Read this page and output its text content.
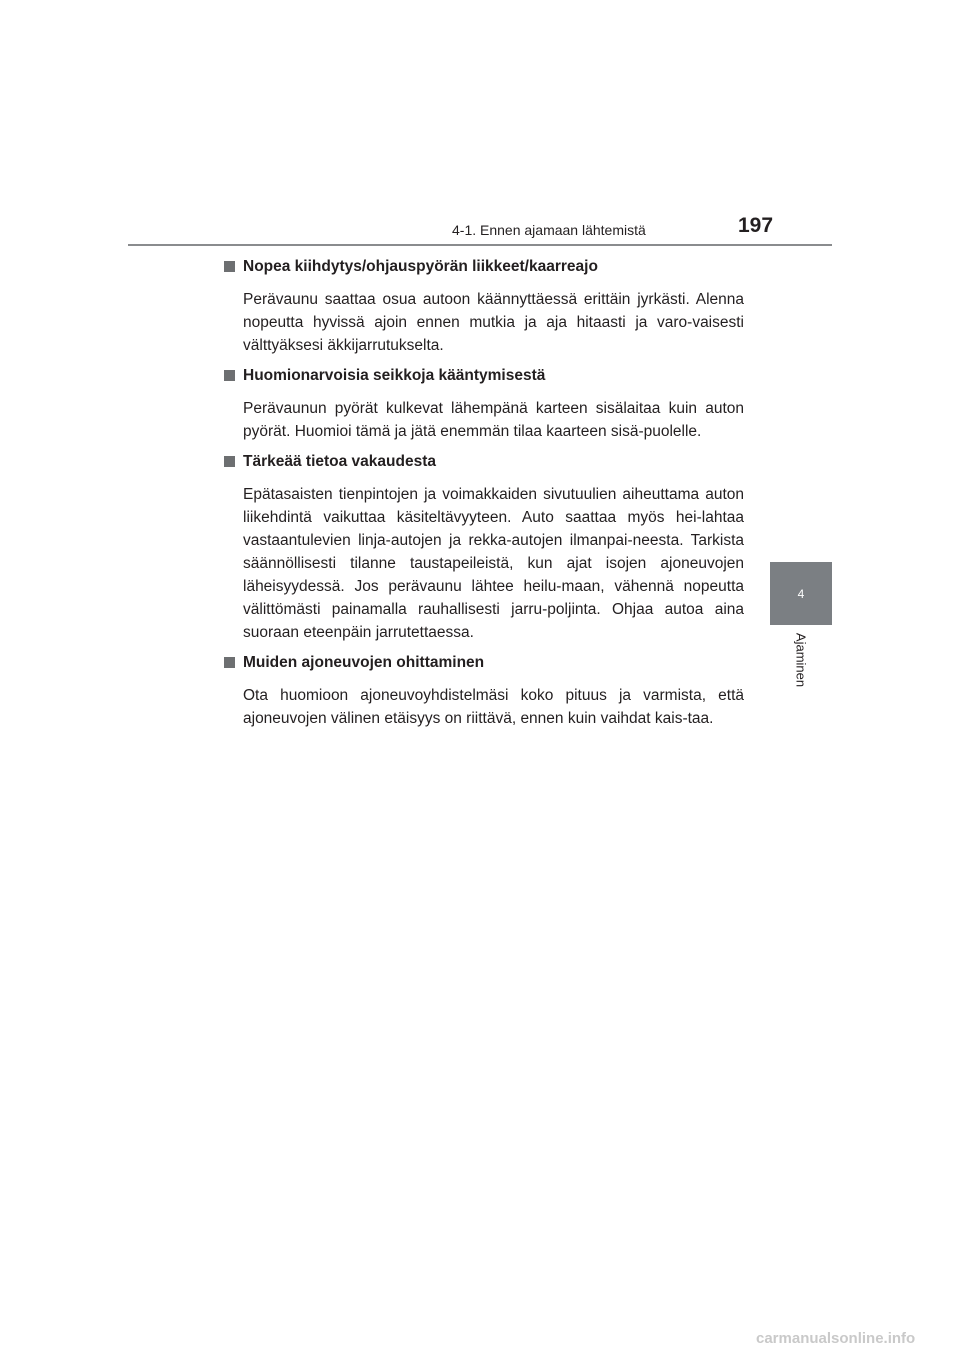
4-1. Ennen ajamaan lähtemistä	197
4
Ajaminen
Nopea kiihdytys/ohjauspyörän liikkeet/kaarreajo

Perävaunu saattaa osua autoon käännyttäessä erittäin jyrkästi. Alenna nopeutta hyvissä ajoin ennen mutkia ja aja hitaasti ja varo-vaisesti välttyäksesi äkkijarrutukselta.

Huomionarvoisia seikkoja kääntymisestä

Perävaunun pyörät kulkevat lähempänä karteen sisälaitaa kuin auton pyörät. Huomioi tämä ja jätä enemmän tilaa kaarteen sisä-puolelle.

Tärkeää tietoa vakaudesta

Epätasaisten tienpintojen ja voimakkaiden sivutuulien aiheuttama auton liikehdintä vaikuttaa käsiteltävyyteen. Auto saattaa myös hei-lahtaa vastaantulevien linja-autojen ja rekka-autojen ilmanpai-neesta. Tarkista säännöllisesti tilanne taustapeileistä, kun ajat isojen ajoneuvojen läheisyydessä. Jos perävaunu lähtee heilu-maan, vähennä nopeutta välittömästi painamalla rauhallisesti jarru-poljinta. Ohjaa autoa aina suoraan eteenpäin jarrutettaessa.

Muiden ajoneuvojen ohittaminen

Ota huomioon ajoneuvoyhdistelmäsi koko pituus ja varmista, että ajoneuvojen välinen etäisyys on riittävä, ennen kuin vaihdat kais-taa.

carmanualsonline.info
